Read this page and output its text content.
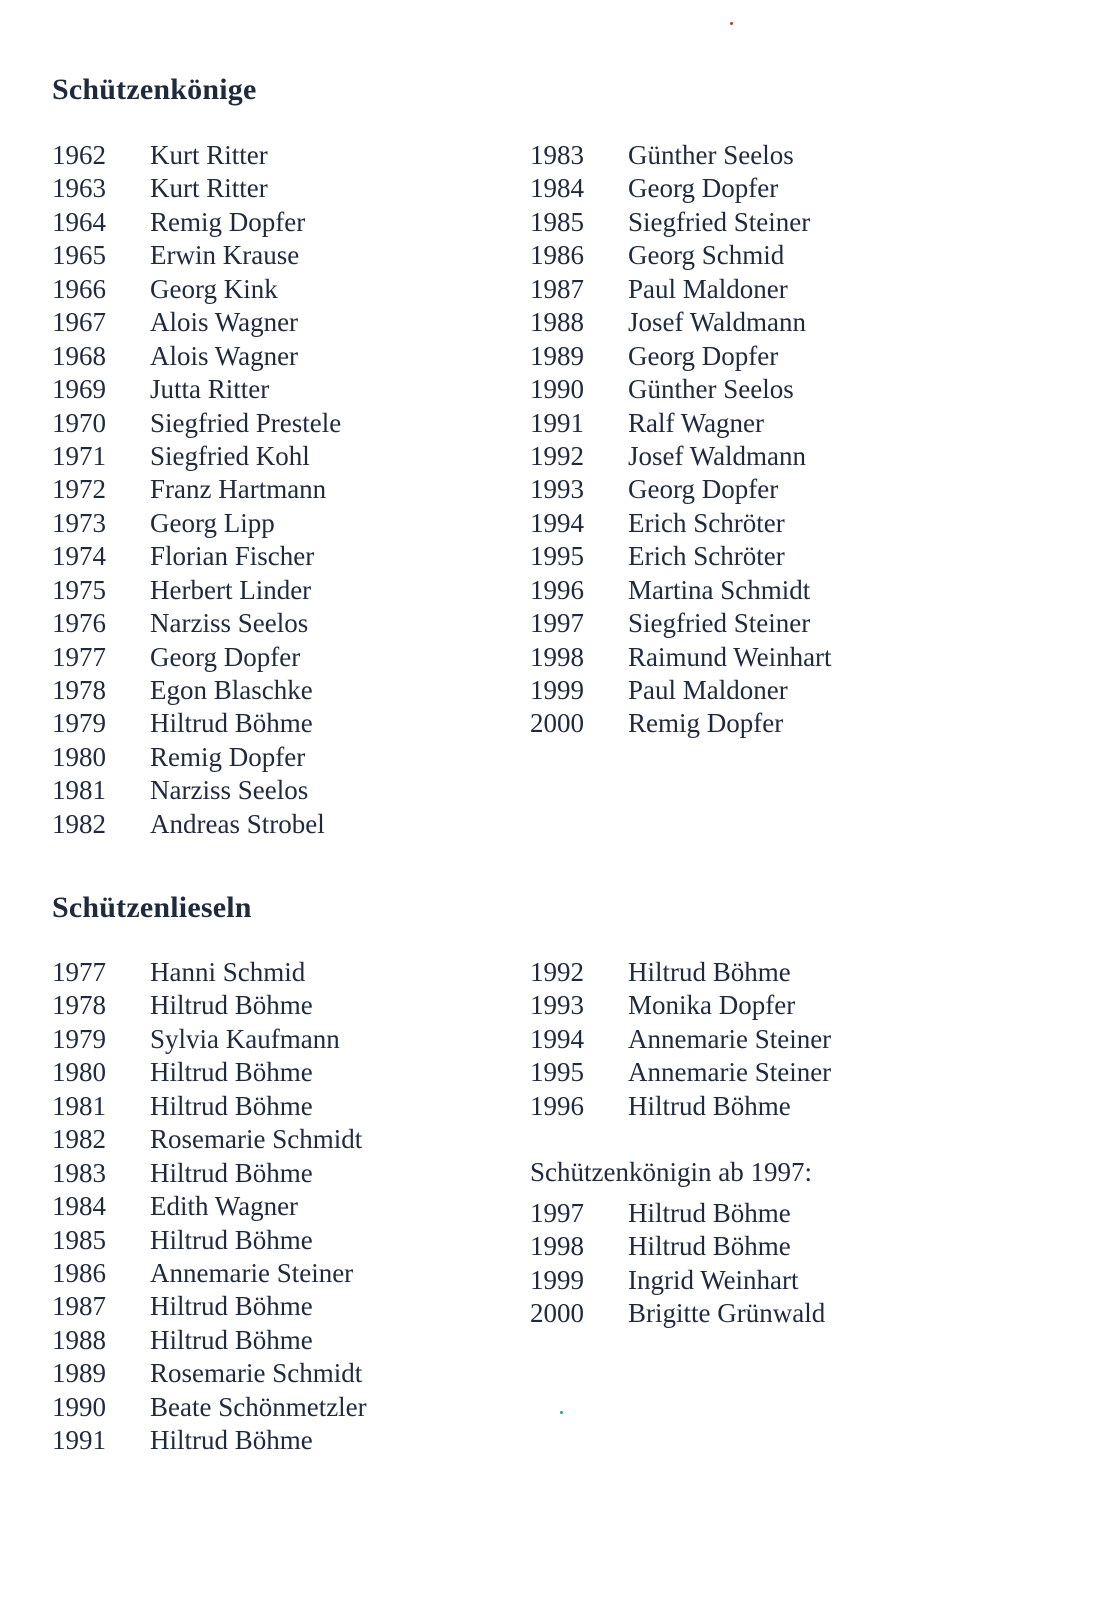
Schützenkönige
1962	Kurt Ritter
1963	Kurt Ritter
1964	Remig Dopfer
1965	Erwin Krause
1966	Georg Kink
1967	Alois Wagner
1968	Alois Wagner
1969	Jutta Ritter
1970	Siegfried Prestele
1971	Siegfried Kohl
1972	Franz Hartmann
1973	Georg Lipp
1974	Florian Fischer
1975	Herbert Linder
1976	Narziss Seelos
1977	Georg Dopfer
1978	Egon Blaschke
1979	Hiltrud Böhme
1980	Remig Dopfer
1981	Narziss Seelos
1982	Andreas Strobel
1983	Günther Seelos
1984	Georg Dopfer
1985	Siegfried Steiner
1986	Georg Schmid
1987	Paul Maldoner
1988	Josef Waldmann
1989	Georg Dopfer
1990	Günther Seelos
1991	Ralf Wagner
1992	Josef Waldmann
1993	Georg Dopfer
1994	Erich Schröter
1995	Erich Schröter
1996	Martina Schmidt
1997	Siegfried Steiner
1998	Raimund Weinhart
1999	Paul Maldoner
2000	Remig Dopfer
Schützenlieseln
1977	Hanni Schmid
1978	Hiltrud Böhme
1979	Sylvia Kaufmann
1980	Hiltrud Böhme
1981	Hiltrud Böhme
1982	Rosemarie Schmidt
1983	Hiltrud Böhme
1984	Edith Wagner
1985	Hiltrud Böhme
1986	Annemarie Steiner
1987	Hiltrud Böhme
1988	Hiltrud Böhme
1989	Rosemarie Schmidt
1990	Beate Schönmetzler
1991	Hiltrud Böhme
1992	Hiltrud Böhme
1993	Monika Dopfer
1994	Annemarie Steiner
1995	Annemarie Steiner
1996	Hiltrud Böhme
Schützenkönigin ab 1997:
1997	Hiltrud Böhme
1998	Hiltrud Böhme
1999	Ingrid Weinhart
2000	Brigitte Grünwald
